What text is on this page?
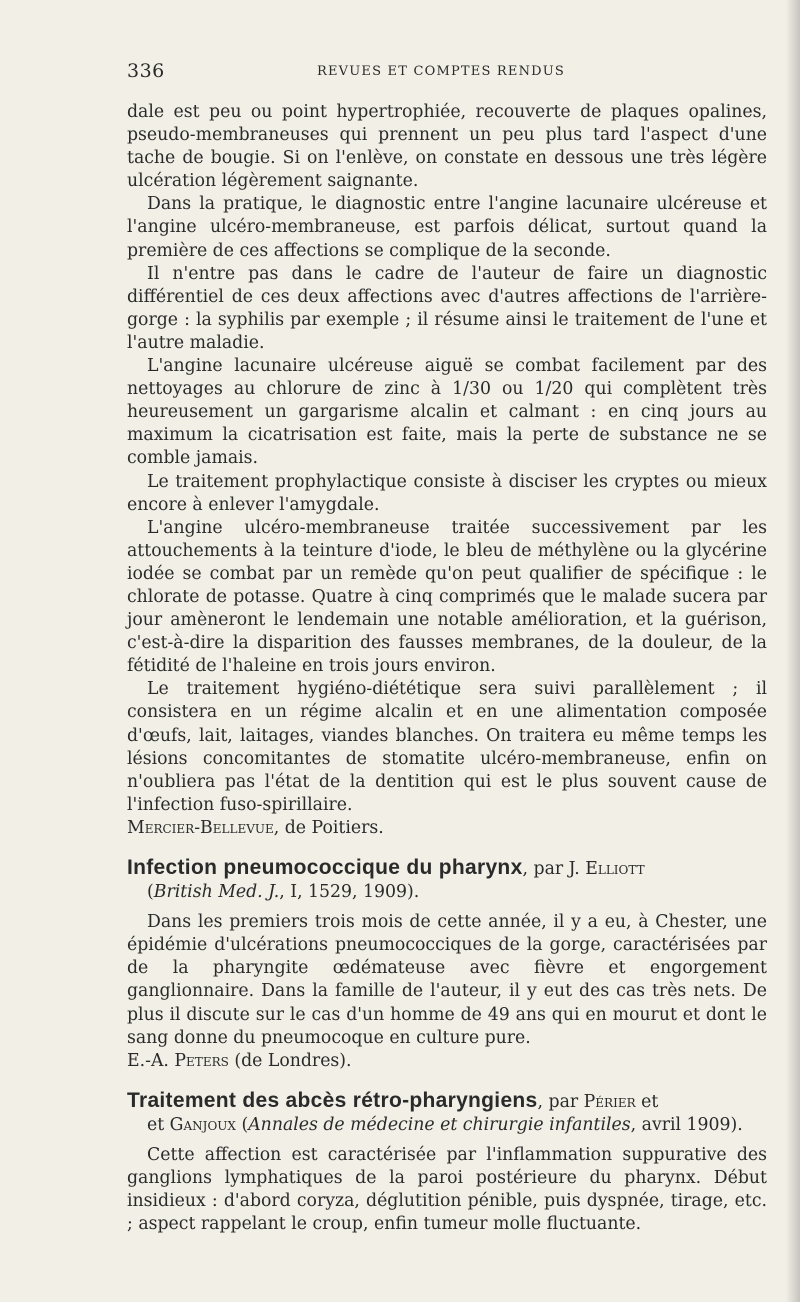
336	REVUES ET COMPTES RENDUS

dale est peu ou point hypertrophiée, recouverte de plaques opalines, pseudo-membraneuses qui prennent un peu plus tard l'aspect d'une tache de bougie. Si on l'enlève, on constate en dessous une très légère ulcération légèrement saignante.

Dans la pratique, le diagnostic entre l'angine lacunaire ulcéreuse et l'angine ulcéro-membraneuse, est parfois délicat, surtout quand la première de ces affections se complique de la seconde.

Il n'entre pas dans le cadre de l'auteur de faire un diagnostic différentiel de ces deux affections avec d'autres affections de l'arrière-gorge : la syphilis par exemple ; il résume ainsi le traitement de l'une et l'autre maladie.

L'angine lacunaire ulcéreuse aiguë se combat facilement par des nettoyages au chlorure de zinc à 1/30 ou 1/20 qui complètent très heureusement un gargarisme alcalin et calmant : en cinq jours au maximum la cicatrisation est faite, mais la perte de substance ne se comble jamais.

Le traitement prophylactique consiste à disciser les cryptes ou mieux encore à enlever l'amygdale.

L'angine ulcéro-membraneuse traitée successivement par les attouchements à la teinture d'iode, le bleu de méthylène ou la glycérine iodée se combat par un remède qu'on peut qualifier de spécifique : le chlorate de potasse. Quatre à cinq comprimés que le malade sucera par jour amèneront le lendemain une notable amélioration, et la guérison, c'est-à-dire la disparition des fausses membranes, de la douleur, de la fétidité de l'haleine en trois jours environ.

Le traitement hygiéno-diététique sera suivi parallèlement ; il consistera en un régime alcalin et en une alimentation composée d'œufs, lait, laitages, viandes blanches. On traitera eu même temps les lésions concomitantes de stomatite ulcéro-membraneuse, enfin on n'oubliera pas l'état de la dentition qui est le plus souvent cause de l'infection fuso-spirillaire.

Mercier-Bellevue, de Poitiers.

Infection pneumococcique du pharynx, par J. Elliott

(British Med. J., I, 1529, 1909).

Dans les premiers trois mois de cette année, il y a eu, à Chester, une épidémie d'ulcérations pneumococciques de la gorge, caractérisées par de la pharyngite œdémateuse avec fièvre et engorgement ganglionnaire. Dans la famille de l'auteur, il y eut des cas très nets. De plus il discute sur le cas d'un homme de 49 ans qui en mourut et dont le sang donne du pneumocoque en culture pure.

E.-A. Peters (de Londres).

Traitement des abcès rétro-pharyngiens, par Périer et

et Ganjoux (Annales de médecine et chirurgie infantiles, avril 1909).

Cette affection est caractérisée par l'inflammation suppurative des ganglions lymphatiques de la paroi postérieure du pharynx. Début insidieux : d'abord coryza, déglutition pénible, puis dyspnée, tirage, etc. ; aspect rappelant le croup, enfin tumeur molle fluctuante.
